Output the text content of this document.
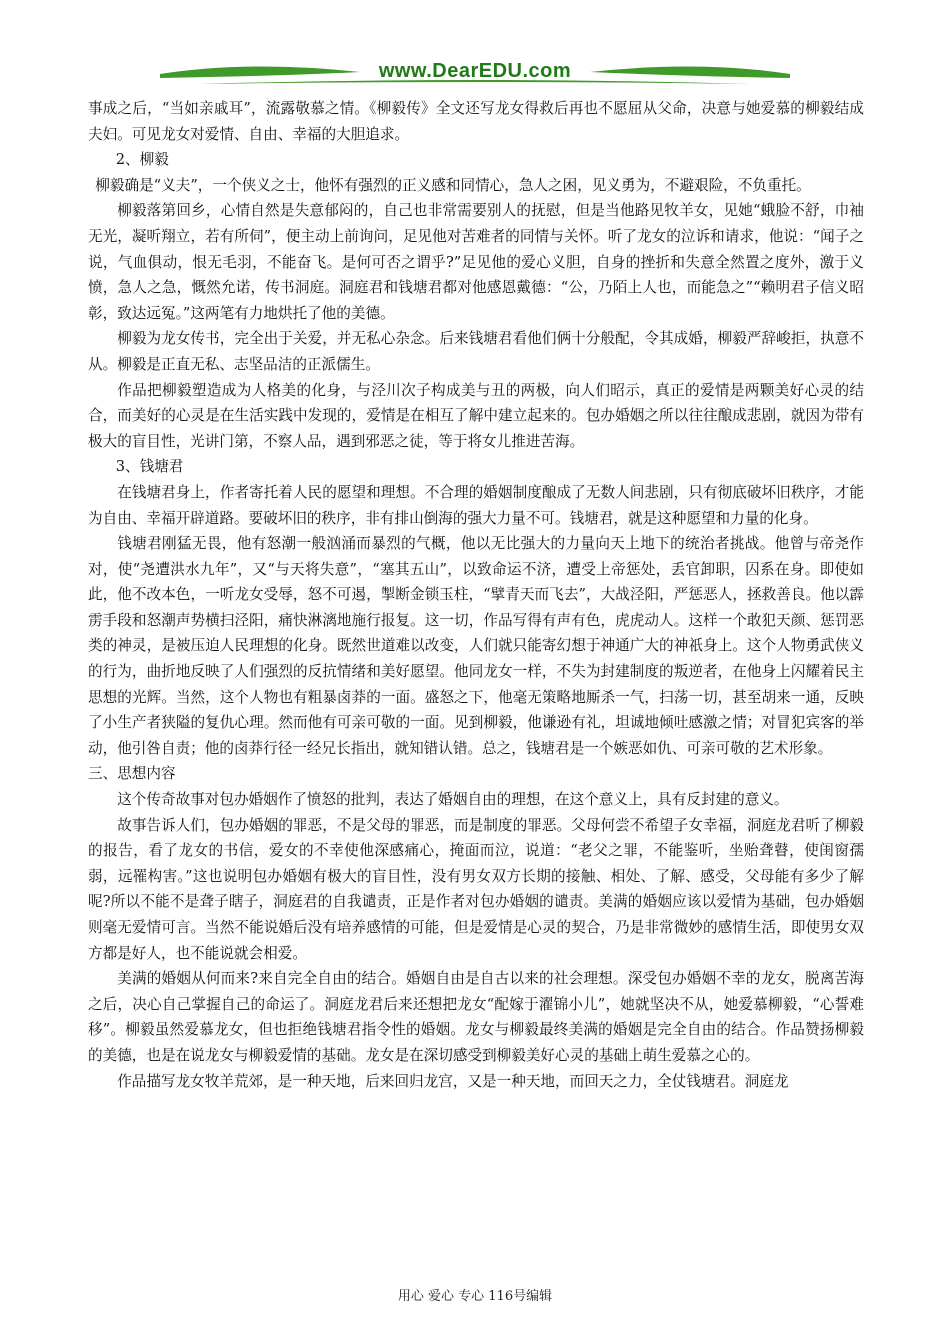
www.DearEDU.com

事成之后，“当如亲戚耳”，流露敬慕之情。《柳毅传》全文还写龙女得救后再也不愿屈从父命，决意与她爱慕的柳毅结成夫妇。可见龙女对爱情、自由、幸福的大胆追求。

2、柳毅

柳毅确是“义夫”，一个侠义之士，他怀有强烈的正义感和同情心，急人之困，见义勇为，不避艰险，不负重托。

柳毅落第回乡，心情自然是失意郁闷的，自己也非常需要别人的抚慰，但是当他路见牧羊女，见她“蛾脸不舒，巾袖无光，凝听翔立，若有所伺”，便主动上前询问，足见他对苦难者的同情与关怀。听了龙女的泣诉和请求，他说：“闻子之说，气血俱动，恨无毛羽，不能奋飞。是何可否之谓乎?”足见他的爱心义胆，自身的挫折和失意全然置之度外，激于义愤，急人之急，慨然允诺，传书洞庭。洞庭君和钱塘君都对他感恩戴德：“公，乃陌上人也，而能急之”“赖明君子信义昭彰，致达远冤。”这两笔有力地烘托了他的美德。

柳毅为龙女传书，完全出于关爱，并无私心杂念。后来钱塘君看他们俩十分般配，令其成婚，柳毅严辞峻拒，执意不从。柳毅是正直无私、志坚品洁的正派儒生。

作品把柳毅塑造成为人格美的化身，与泾川次子构成美与丑的两极，向人们昭示，真正的爱情是两颗美好心灵的结合，而美好的心灵是在生活实践中发现的，爱情是在相互了解中建立起来的。包办婚姻之所以往往酿成悲剧，就因为带有极大的盲目性，光讲门第，不察人品，遇到邪恶之徒，等于将女儿推进苦海。

3、钱塘君

在钱塘君身上，作者寄托着人民的愿望和理想。不合理的婚姻制度酿成了无数人间悲剧，只有彻底破坏旧秩序，才能为自由、幸福开辟道路。要破坏旧的秩序，非有排山倒海的强大力量不可。钱塘君，就是这种愿望和力量的化身。

钱塘君刚猛无畏，他有怒潮一般汹涌而暴烈的气概，他以无比强大的力量向天上地下的统治者挑战。他曾与帝尧作对，使“尧遭洪水九年”，又“与天将失意”，“塞其五山”，以致命运不济，遭受上帝惩处，丢官卸职，囚系在身。即使如此，他不改本色，一听龙女受辱，怒不可遏，掣断金锁玉柱，“擘青天而飞去”，大战泾阳，严惩恶人，拯救善良。他以霹雳手段和怒潮声势横扫泾阳，痛快淋漓地施行报复。这一切，作品写得有声有色，虎虎动人。这样一个敢犯天颜、惩罚恶类的神灵，是被压迫人民理想的化身。既然世道难以改变，人们就只能寄幻想于神通广大的神祇身上。这个人物勇武侠义的行为，曲折地反映了人们强烈的反抗情绪和美好愿望。他同龙女一样，不失为封建制度的叛逆者，在他身上闪耀着民主思想的光辉。当然，这个人物也有粗暴卤莽的一面。盛怒之下，他毫无策略地厮杀一气，扫荡一切，甚至胡来一通，反映了小生产者狭隘的复仇心理。然而他有可亲可敬的一面。见到柳毅，他谦逊有礼，坦诚地倾吐感激之情；对冒犯宾客的举动，他引咎自责；他的卤莽行径一经兄长指出，就知错认错。总之，钱塘君是一个嫉恶如仇、可亲可敬的艺术形象。

三、思想内容

这个传奇故事对包办婚姻作了愤怒的批判，表达了婚姻自由的理想，在这个意义上，具有反封建的意义。

故事告诉人们，包办婚姻的罪恶，不是父母的罪恶，而是制度的罪恶。父母何尝不希望子女幸福，洞庭龙君听了柳毅的报告，看了龙女的书信，爱女的不幸使他深感痛心，掩面而泣，说道：“老父之罪，不能鉴听，坐贻聋瞽，使闺窗孺弱，远罹构害。”这也说明包办婚姻有极大的盲目性，没有男女双方长期的接触、相处、了解、感受，父母能有多少了解呢?所以不能不是聋子瞎子，洞庭君的自我谴责，正是作者对包办婚姻的谴责。美满的婚姻应该以爱情为基础，包办婚姻则毫无爱情可言。当然不能说婚后没有培养感情的可能，但是爱情是心灵的契合，乃是非常微妙的感情生活，即使男女双方都是好人，也不能说就会相爱。

美满的婚姻从何而来?来自完全自由的结合。婚姻自由是自古以来的社会理想。深受包办婚姻不幸的龙女，脱离苦海之后，决心自己掌握自己的命运了。洞庭龙君后来还想把龙女“配嫁于濯锦小儿”，她就坚决不从，她爱慕柳毅，“心誓难移”。柳毅虽然爱慕龙女，但也拒绝钱塘君指令性的婚姻。龙女与柳毅最终美满的婚姻是完全自由的结合。作品赞扬柳毅的美德，也是在说龙女与柳毅爱情的基础。龙女是在深切感受到柳毅美好心灵的基础上萌生爱慕之心的。

作品描写龙女牧羊荒郊，是一种天地，后来回归龙宫，又是一种天地，而回天之力，全仗钱塘君。洞庭龙

用心 爱心 专心 116号编辑
